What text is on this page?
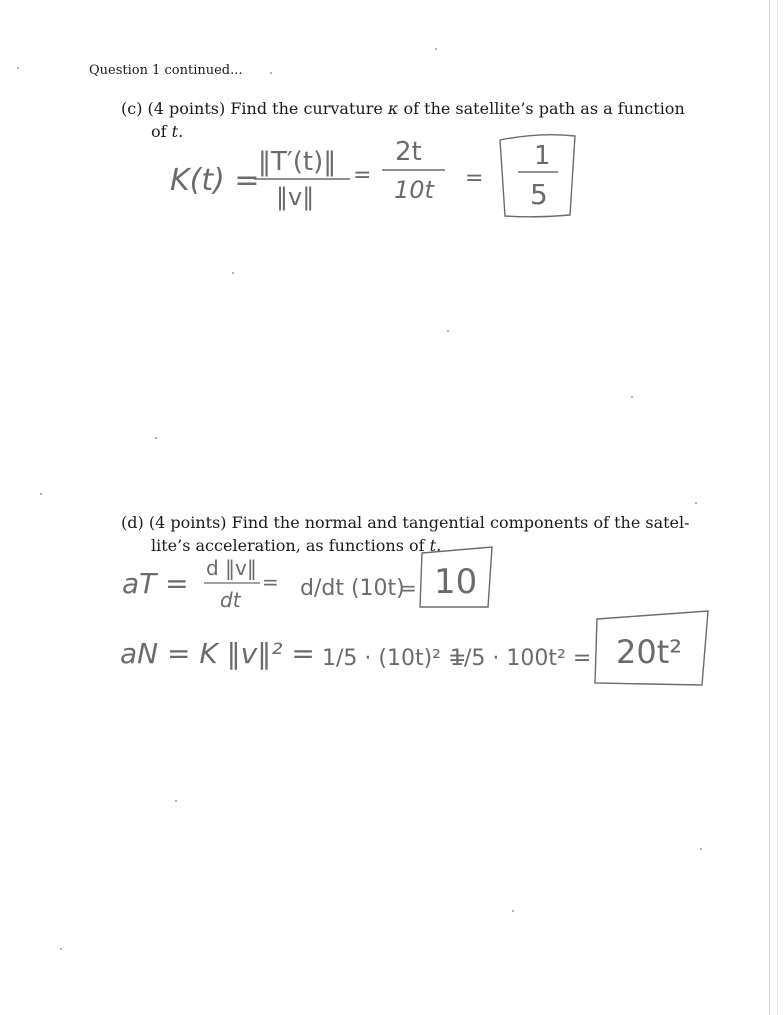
Question 1 continued...
(c) (4 points) Find the curvature κ of the satellite’s path as a function
of t.
K(t) =
‖T′(t)‖
‖v‖
=
2t
10t =
1
5
(d) (4 points) Find the normal and tangential components of the satel-
lite’s acceleration, as functions of t.
aT = d ‖v‖
dt
= d/dt (10t)
= 10
aN = K ‖v‖² = 1/5 · (10t)² =
1/5 · 100t² = 20t²
